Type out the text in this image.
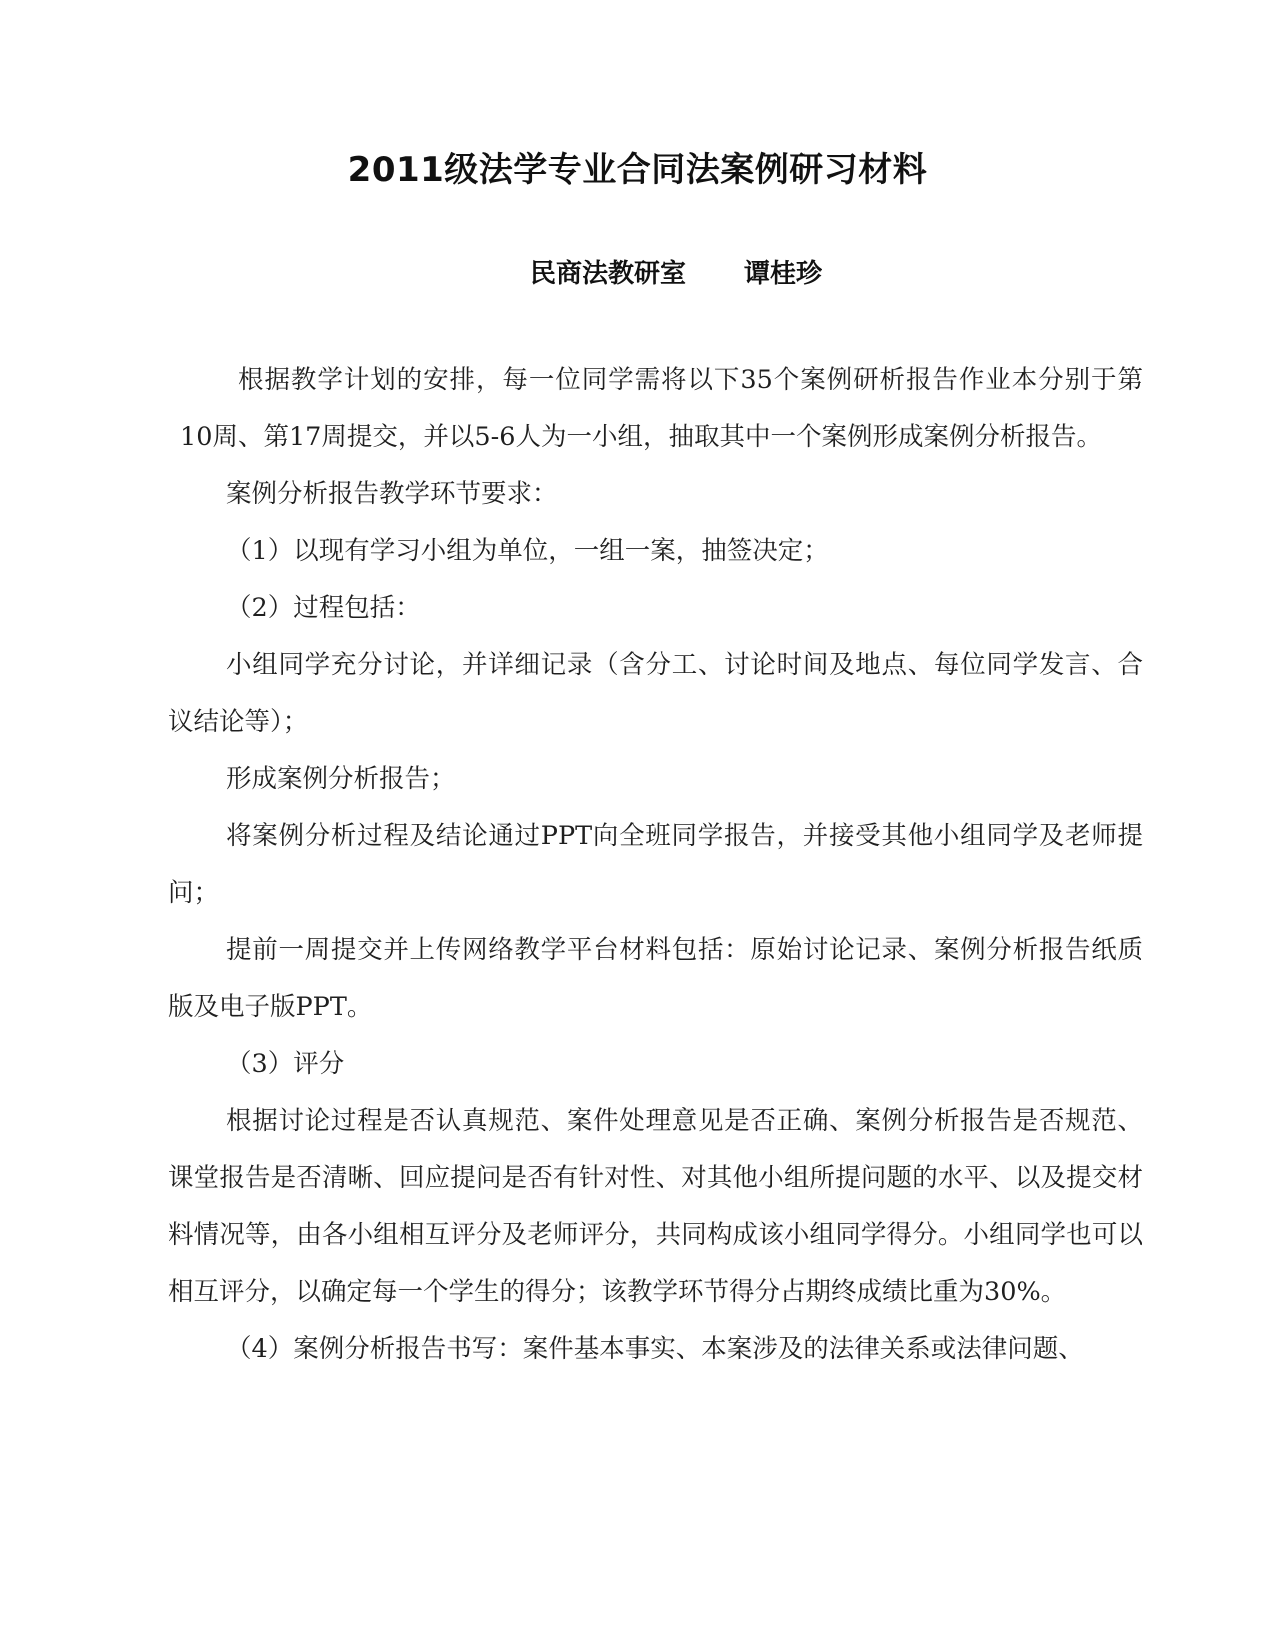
2011级法学专业合同法案例研习材料
民商法教研室 谭桂珍

根据教学计划的安排，每一位同学需将以下35个案例研析报告作业本分别于第10周、第17周提交，并以5-6人为一小组，抽取其中一个案例形成案例分析报告。

案例分析报告教学环节要求：

（1）以现有学习小组为单位，一组一案，抽签决定；

（2）过程包括：

小组同学充分讨论，并详细记录（含分工、讨论时间及地点、每位同学发言、合议结论等）；

形成案例分析报告；

将案例分析过程及结论通过PPT向全班同学报告，并接受其他小组同学及老师提问；

提前一周提交并上传网络教学平台材料包括：原始讨论记录、案例分析报告纸质版及电子版PPT。

（3）评分

根据讨论过程是否认真规范、案件处理意见是否正确、案例分析报告是否规范、课堂报告是否清晰、回应提问是否有针对性、对其他小组所提问题的水平、以及提交材料情况等，由各小组相互评分及老师评分，共同构成该小组同学得分。小组同学也可以相互评分，以确定每一个学生的得分；该教学环节得分占期终成绩比重为30%。

（4）案例分析报告书写：案件基本事实、本案涉及的法律关系或法律问题、
